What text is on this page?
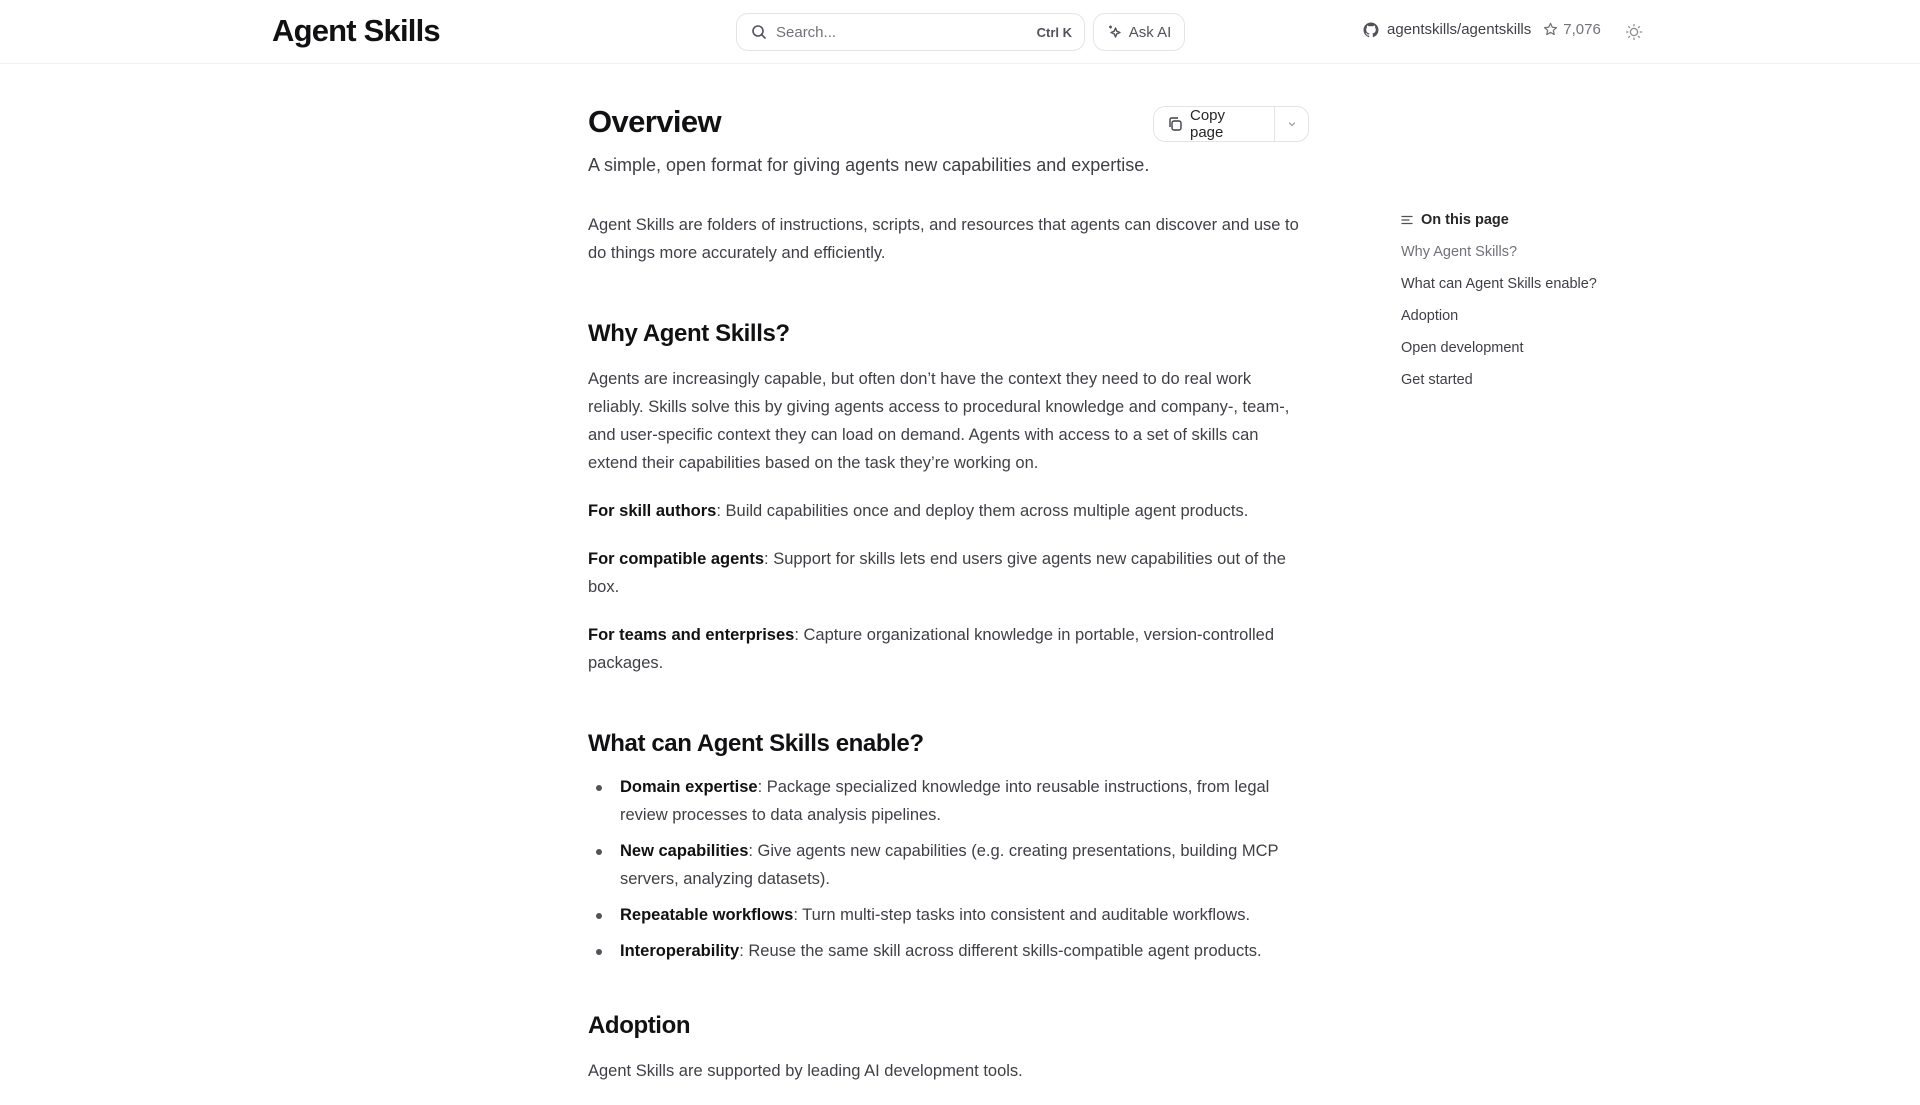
Agent Skills	Search...	Ctrl K	Ask AI	agentskills/agentskills 7,076
Overview	Copy page
A simple, open format for giving agents new capabilities and expertise.

Agent Skills are folders of instructions, scripts, and resources that agents can discover and use to do things more accurately and efficiently.

Why Agent Skills?

Agents are increasingly capable, but often don’t have the context they need to do real work reliably. Skills solve this by giving agents access to procedural knowledge and company-, team-, and user-specific context they can load on demand. Agents with access to a set of skills can extend their capabilities based on the task they’re working on.

For skill authors: Build capabilities once and deploy them across multiple agent products.

For compatible agents: Support for skills lets end users give agents new capabilities out of the box.

For teams and enterprises: Capture organizational knowledge in portable, version-controlled packages.

What can Agent Skills enable?
Domain expertise: Package specialized knowledge into reusable instructions, from legal review processes to data analysis pipelines.
New capabilities: Give agents new capabilities (e.g. creating presentations, building MCP servers, analyzing datasets).
Repeatable workflows: Turn multi-step tasks into consistent and auditable workflows.
Interoperability: Reuse the same skill across different skills-compatible agent products.
Adoption

Agent Skills are supported by leading AI development tools.

On this page
Why Agent Skills?
What can Agent Skills enable?
Adoption
Open development
Get started
